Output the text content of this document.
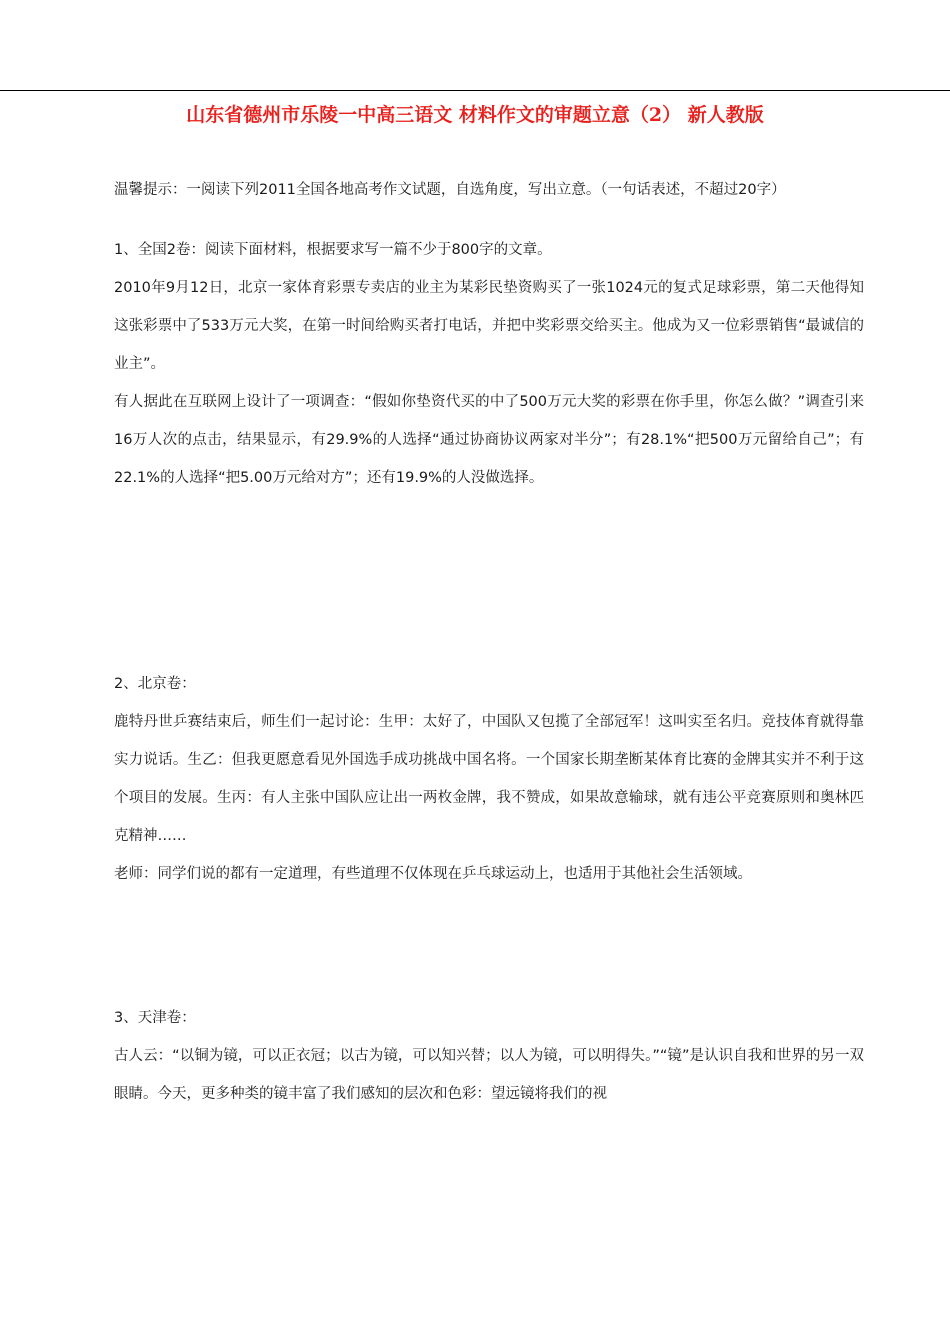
山东省德州市乐陵一中高三语文 材料作文的审题立意（2） 新人教版

温馨提示：一阅读下列2011全国各地高考作文试题，自选角度，写出立意。（一句话表述，不超过20字）

1、全国2卷：阅读下面材料，根据要求写一篇不少于800字的文章。

2010年9月12日，北京一家体育彩票专卖店的业主为某彩民垫资购买了一张1024元的复式足球彩票，第二天他得知这张彩票中了533万元大奖，在第一时间给购买者打电话，并把中奖彩票交给买主。他成为又一位彩票销售“最诚信的业主”。

有人据此在互联网上设计了一项调查：“假如你垫资代买的中了500万元大奖的彩票在你手里，你怎么做？”调查引来16万人次的点击，结果显示，有29.9%的人选择“通过协商协议两家对半分”；有28.1%“把500万元留给自己”；有22.1%的人选择“把5.00万元给对方”；还有19.9%的人没做选择。

2、北京卷：

鹿特丹世乒赛结束后，师生们一起讨论：生甲：太好了，中国队又包揽了全部冠军！这叫实至名归。竞技体育就得靠实力说话。生乙：但我更愿意看见外国选手成功挑战中国名将。一个国家长期垄断某体育比赛的金牌其实并不利于这个项目的发展。生丙：有人主张中国队应让出一两枚金牌，我不赞成，如果故意输球，就有违公平竞赛原则和奥林匹克精神……

老师：同学们说的都有一定道理，有些道理不仅体现在乒乓球运动上，也适用于其他社会生活领域。

3、天津卷：

古人云：“以铜为镜，可以正衣冠；以古为镜，可以知兴替；以人为镜，可以明得失。”“镜”是认识自我和世界的另一双眼睛。今天，更多种类的镜丰富了我们感知的层次和色彩：望远镜将我们的视
